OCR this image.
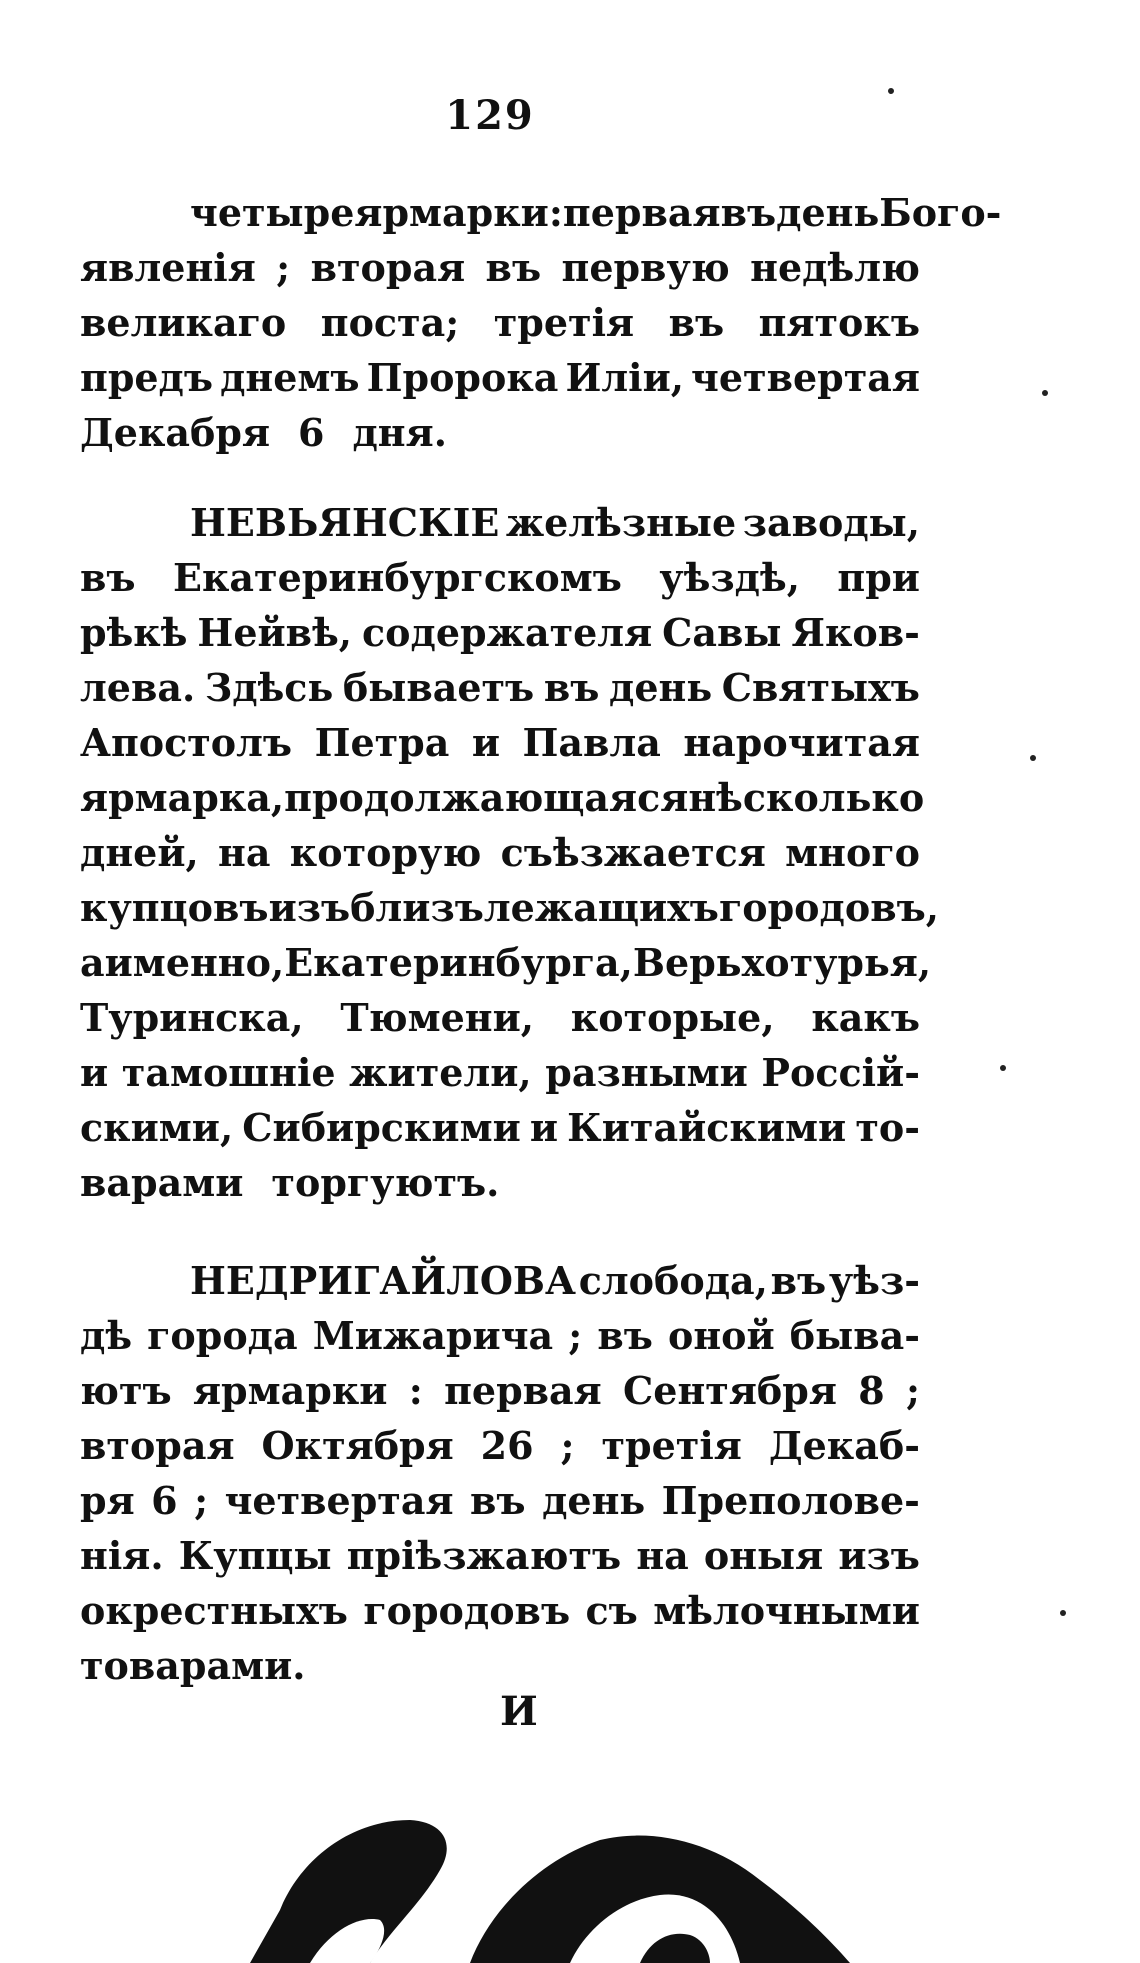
129
четыре ярмарки: первая въ день Бого-
явленія ; вторая въ первую недѣлю
великаго поста; третія въ пятокъ
предъ днемъ Пророка Иліи, четвертая
Декабря 6 дня.
НЕВЬЯНСКІЕ желѣзные заводы,
въ Екатеринбургскомъ уѣздѣ, при
рѣкѣ Нейвѣ, содержателя Савы Яков-
лева. Здѣсь бываетъ въ день Святыхъ
Апостолъ Петра и Павла нарочитая
ярмарка, продолжающаяся нѣсколько
дней, на которую съѣзжается много
купцовъ изъ близъ лежащихъ городовъ,
а именно, Екатеринбурга, Верьхотурья,
Туринска, Тюмени, которые, какъ
и тамошніе жители, разными Россій-
скими, Сибирскими и Китайскими то-
варами торгуютъ.
НЕДРИГАЙЛОВА слобода, въ уѣз-
дѣ города Мижарича ; въ оной быва-
ютъ ярмарки : первая Сентября 8 ;
вторая Октября 26 ; третія Декаб-
ря 6 ; четвертая въ день Преполове-
нія. Купцы пріѣзжаютъ на оныя изъ
окрестныхъ городовъ съ мѣлочными
товарами.
И
